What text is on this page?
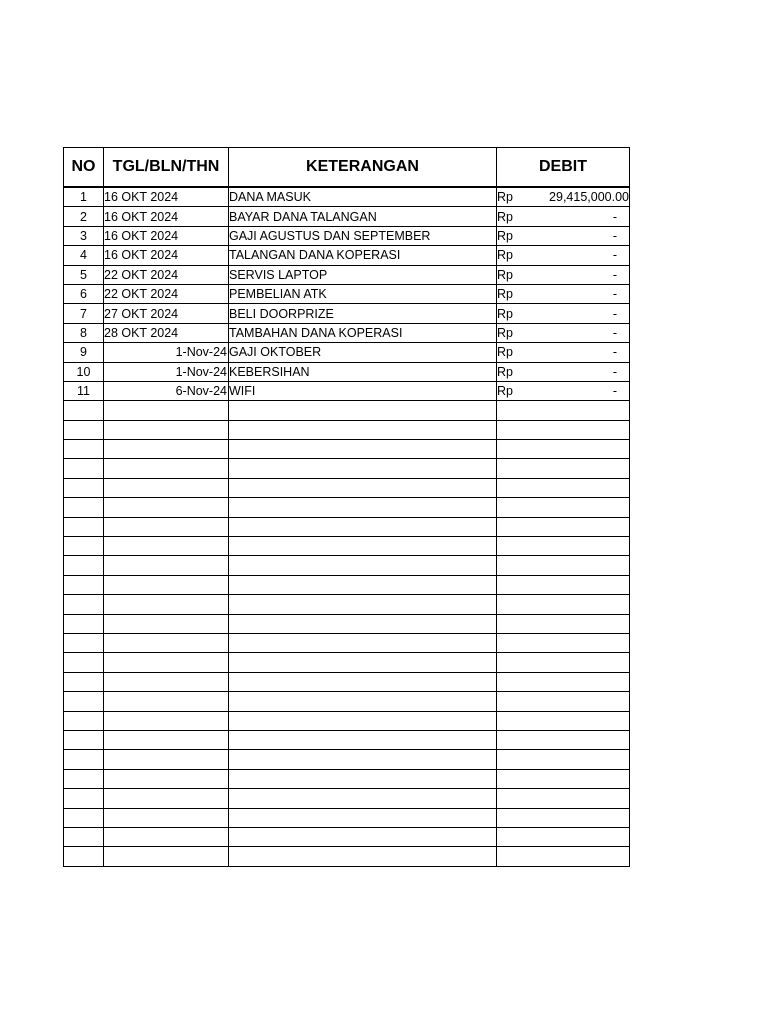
NO	TGL/BLN/THN	KETERANGAN	DEBIT	
1	16 OKT 2024	DANA MASUK	Rp	29,415,000.00
2	16 OKT 2024	BAYAR DANA TALANGAN	Rp	-
3	16 OKT 2024	GAJI AGUSTUS DAN SEPTEMBER	Rp	-
4	16 OKT 2024	TALANGAN DANA KOPERASI	Rp	-
5	22 OKT 2024	SERVIS LAPTOP	Rp	-
6	22 OKT 2024	PEMBELIAN ATK	Rp	-
7	27 OKT 2024	BELI DOORPRIZE	Rp	-
8	28 OKT 2024	TAMBAHAN DANA KOPERASI	Rp	-
9	1-Nov-24	GAJI OKTOBER	Rp	-
10	1-Nov-24	KEBERSIHAN	Rp	-
11	6-Nov-24	WIFI	Rp	-
